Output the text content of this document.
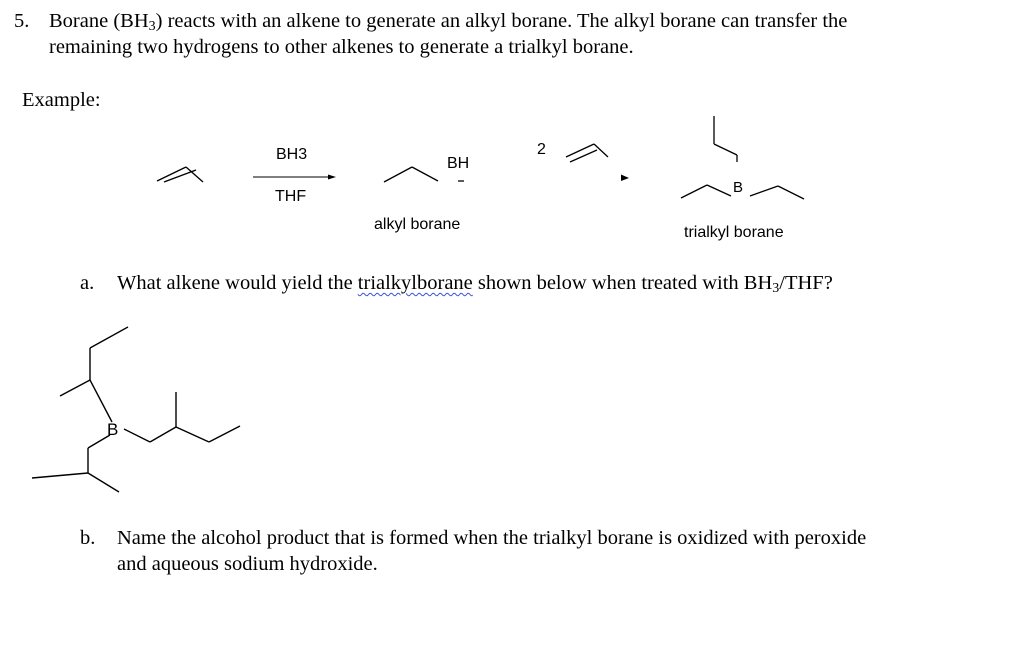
5. Borane $(BH_3)$ reacts with an alkene to generate an alkyl borane. The alkyl borane can transfer the
remaining two hydrogens to other alkenes to generate a trialkyl borane.
Example:
BH3
THF
BH
alkyl borane
2
B
trialkyl borane
B
a. What alkene would yield the trialkylborane shown below when treated with $BH_3$/THF?
b. Name the alcohol product that is formed when the trialkyl borane is oxidized with peroxide
and aqueous sodium hydroxide.
